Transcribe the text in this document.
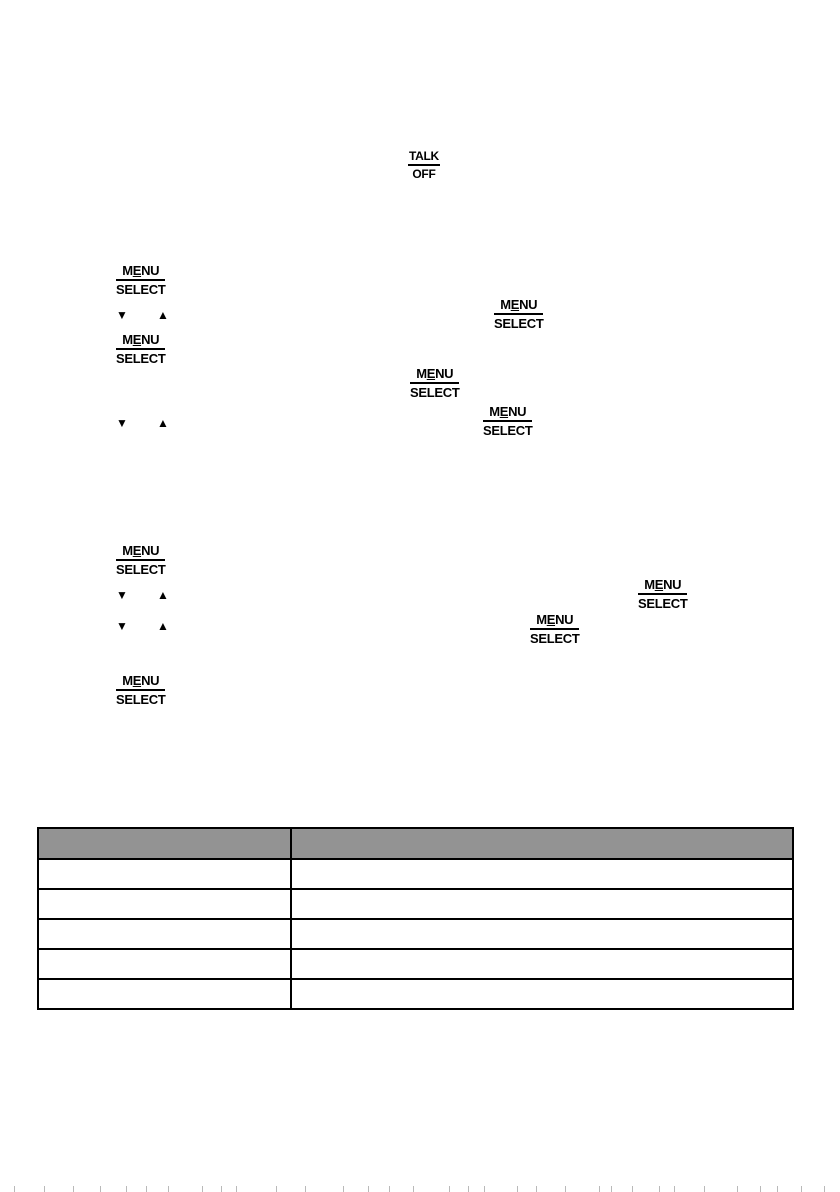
TALK
OFF
MENU
SELECT
▼ ▲
MENU
SELECT
MENU
SELECT
MENU
SELECT
▼ ▲
MENU
SELECT
MENU
SELECT
▼ ▲
MENU
SELECT
▼ ▲	MENU
SELECT
MENU
SELECT
